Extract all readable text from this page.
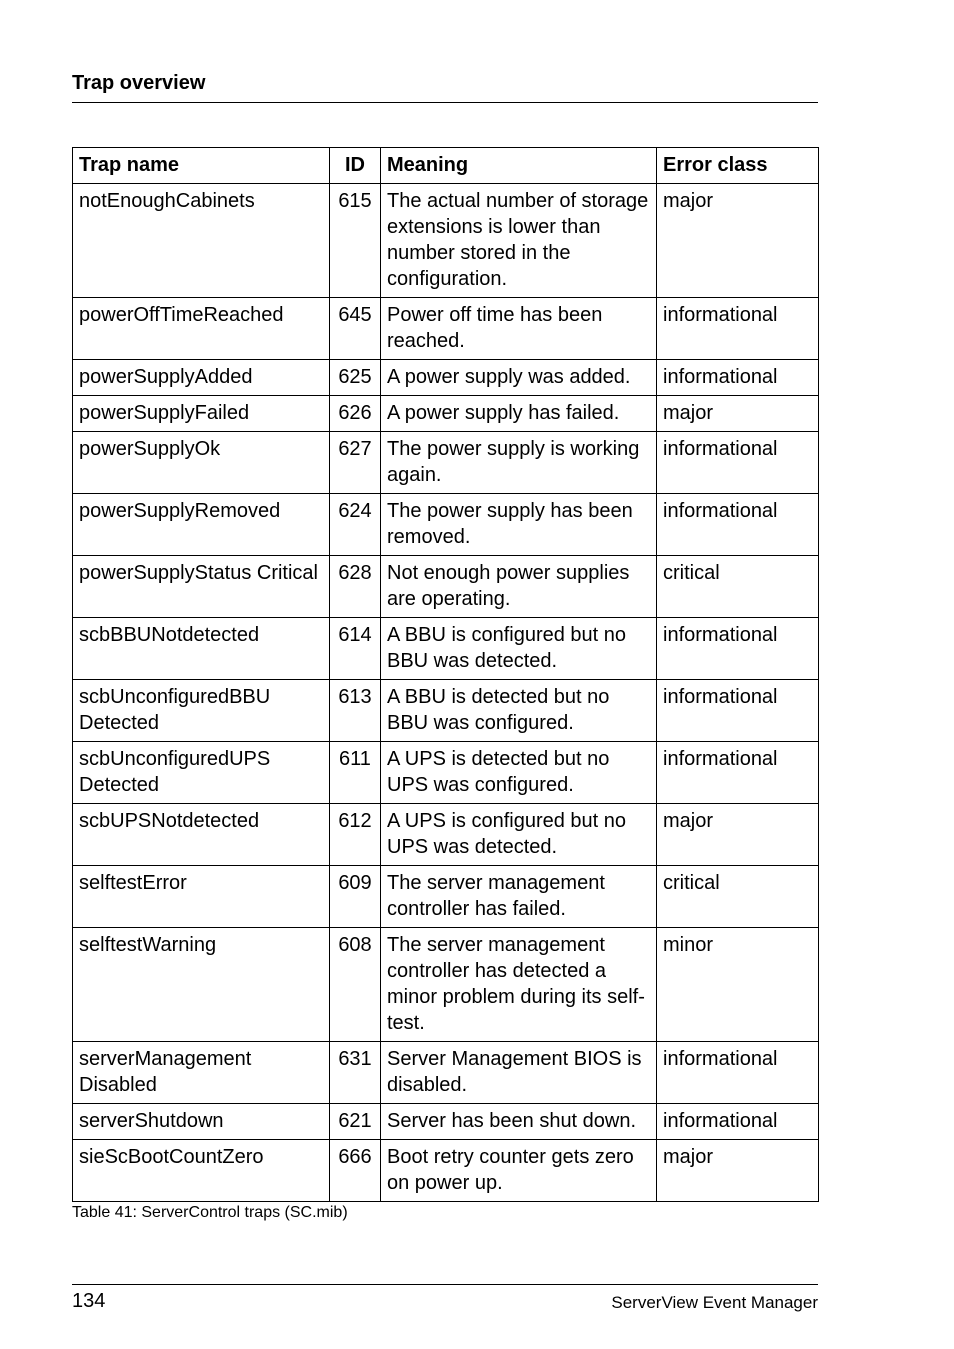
Trap overview
Trap name	ID	Meaning	Error class
notEnoughCabinets	615	The actual number of storage extensions is lower than number stored in the configuration.	major
powerOffTimeReached	645	Power off time has been reached.	informational
powerSupplyAdded	625	A power supply was added.	informational
powerSupplyFailed	626	A power supply has failed.	major
powerSupplyOk	627	The power supply is working again.	informational
powerSupplyRemoved	624	The power supply has been removed.	informational
powerSupplyStatus Critical	628	Not enough power supplies are operating.	critical
scbBBUNotdetected	614	A BBU is configured but no BBU was detected.	informational
scbUnconfiguredBBU Detected	613	A BBU is detected but no BBU was configured.	informational
scbUnconfiguredUPS Detected	611	A UPS is detected but no UPS was configured.	informational
scbUPSNotdetected	612	A UPS is configured but no UPS was detected.	major
selftestError	609	The server management controller has failed.	critical
selftestWarning	608	The server management controller has detected a minor problem during its self-test.	minor
serverManagement Disabled	631	Server Management BIOS is disabled.	informational
serverShutdown	621	Server has been shut down.	informational
sieScBootCountZero	666	Boot retry counter gets zero on power up.	major
Table 41: ServerControl traps (SC.mib)
134	ServerView Event Manager
